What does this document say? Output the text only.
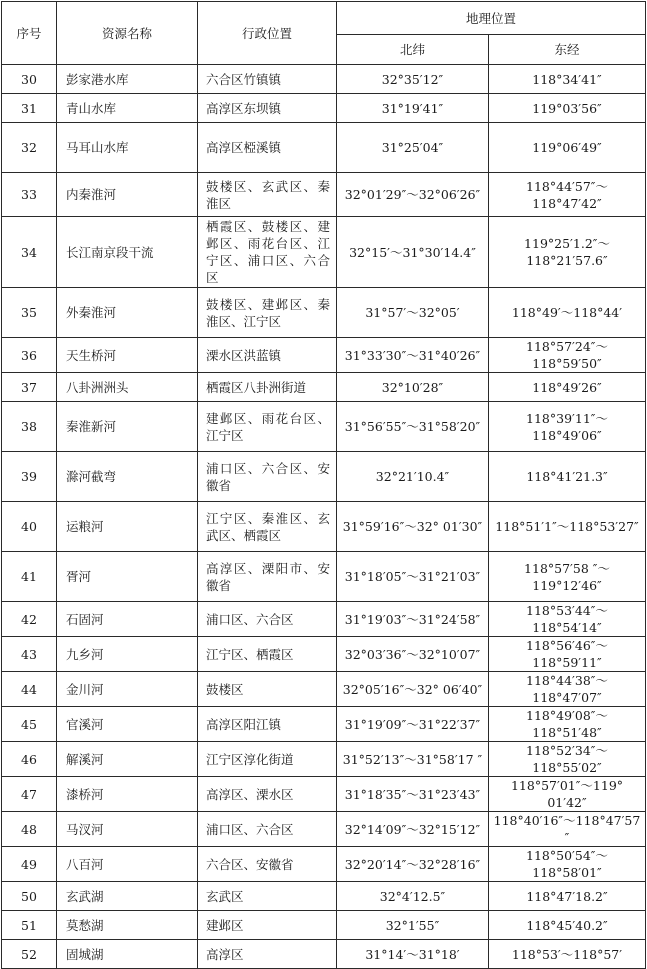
序号	资源名称	行政位置	地理位置	
			北纬	东经
30	彭家港水库	六合区竹镇镇	32°35′12″	118°34′41″
31	青山水库	高淳区东坝镇	31°19′41″	119°03′56″
32	马耳山水库	高淳区椏溪镇	31°25′04″	119°06′49″
33	内秦淮河	鼓楼区、玄武区、秦淮区	32°01′29″～32°06′26″	118°44′57″～118°47′42″
34	长江南京段干流	栖霞区、鼓楼区、建邺区、雨花台区、江宁区、浦口区、六合区	32°15′～31°30′14.4″	119°25′1.2″～118°21′57.6″
35	外秦淮河	鼓楼区、建邺区、秦淮区、江宁区	31°57′～32°05′	118°49′～118°44′
36	天生桥河	溧水区洪蓝镇	31°33′30″～31°40′26″	118°57′24″～118°59′50″
37	八卦洲洲头	栖霞区八卦洲街道	32°10′28″	118°49′26″
38	秦淮新河	建邺区、雨花台区、江宁区	31°56′55″～31°58′20″	118°39′11″～118°49′06″
39	滁河截弯	浦口区、六合区、安徽省	32°21′10.4″	118°41′21.3″
40	运粮河	江宁区、秦淮区、玄武区、栖霞区	31°59′16″～32° 01′30″	118°51′1″～118°53′27″
41	胥河	高淳区、溧阳市、安徽省	31°18′05″～31°21′03″	118°57′58 ″～119°12′46″
42	石固河	浦口区、六合区	31°19′03″～31°24′58″	118°53′44″～118°54′14″
43	九乡河	江宁区、栖霞区	32°03′36″～32°10′07″	118°56′46″～118°59′11″
44	金川河	鼓楼区	32°05′16″～32° 06′40″	118°44′38″～118°47′07″
45	官溪河	高淳区阳江镇	31°19′09″～31°22′37″	118°49′08″～118°51′48″
46	解溪河	江宁区淳化街道	31°52′13″～31°58′17 ″	118°52′34″～118°55′02″
47	漆桥河	高淳区、溧水区	31°18′35″～31°23′43″	118°57′01″～119° 01′42″
48	马汊河	浦口区、六合区	32°14′09″～32°15′12″	118°40′16″～118°47′57 ″
49	八百河	六合区、安徽省	32°20′14″～32°28′16″	118°50′54″～118°58′01″
50	玄武湖	玄武区	32°4′12.5″	118°47′18.2″
51	莫愁湖	建邺区	32°1′55″	118°45′40.2″
52	固城湖	高淳区	31°14′～31°18′	118°53′～118°57′
